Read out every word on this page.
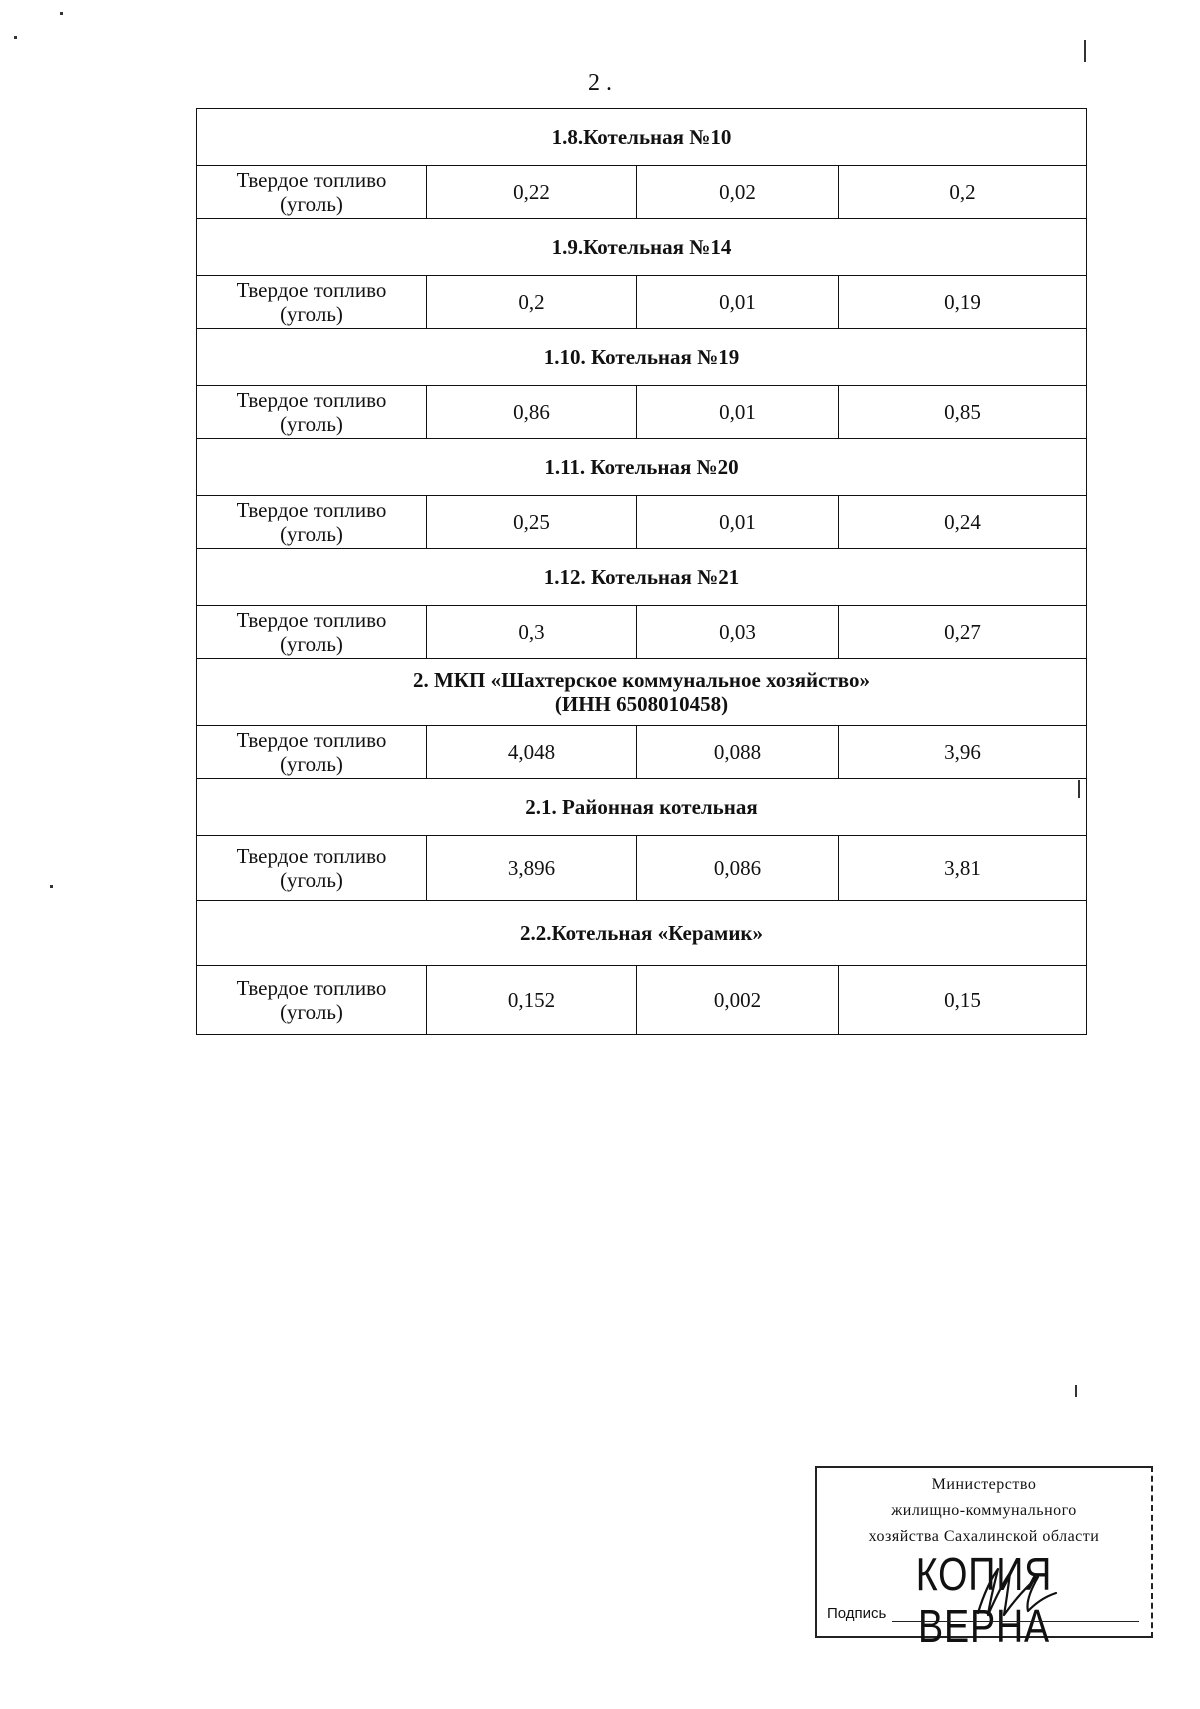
2 .
1.8.Котельная №10			
Твердое топливо
(уголь)	0,22	0,02	0,2
1.9.Котельная №14			
Твердое топливо
(уголь)	0,2	0,01	0,19
1.10. Котельная №19			
Твердое топливо
(уголь)	0,86	0,01	0,85
1.11. Котельная №20			
Твердое топливо
(уголь)	0,25	0,01	0,24
1.12. Котельная №21			
Твердое топливо
(уголь)	0,3	0,03	0,27
2. МКП «Шахтерское коммунальное хозяйство»
(ИНН 6508010458)			
Твердое топливо
(уголь)	4,048	0,088	3,96
2.1. Районная котельная			
Твердое топливо
(уголь)	3,896	0,086	3,81
2.2.Котельная «Керамик»			
Твердое топливо
(уголь)	0,152	0,002	0,15
Министерство
жилищно-коммунального
хозяйства Сахалинской области
КОПИЯ ВЕРНА
Подпись
